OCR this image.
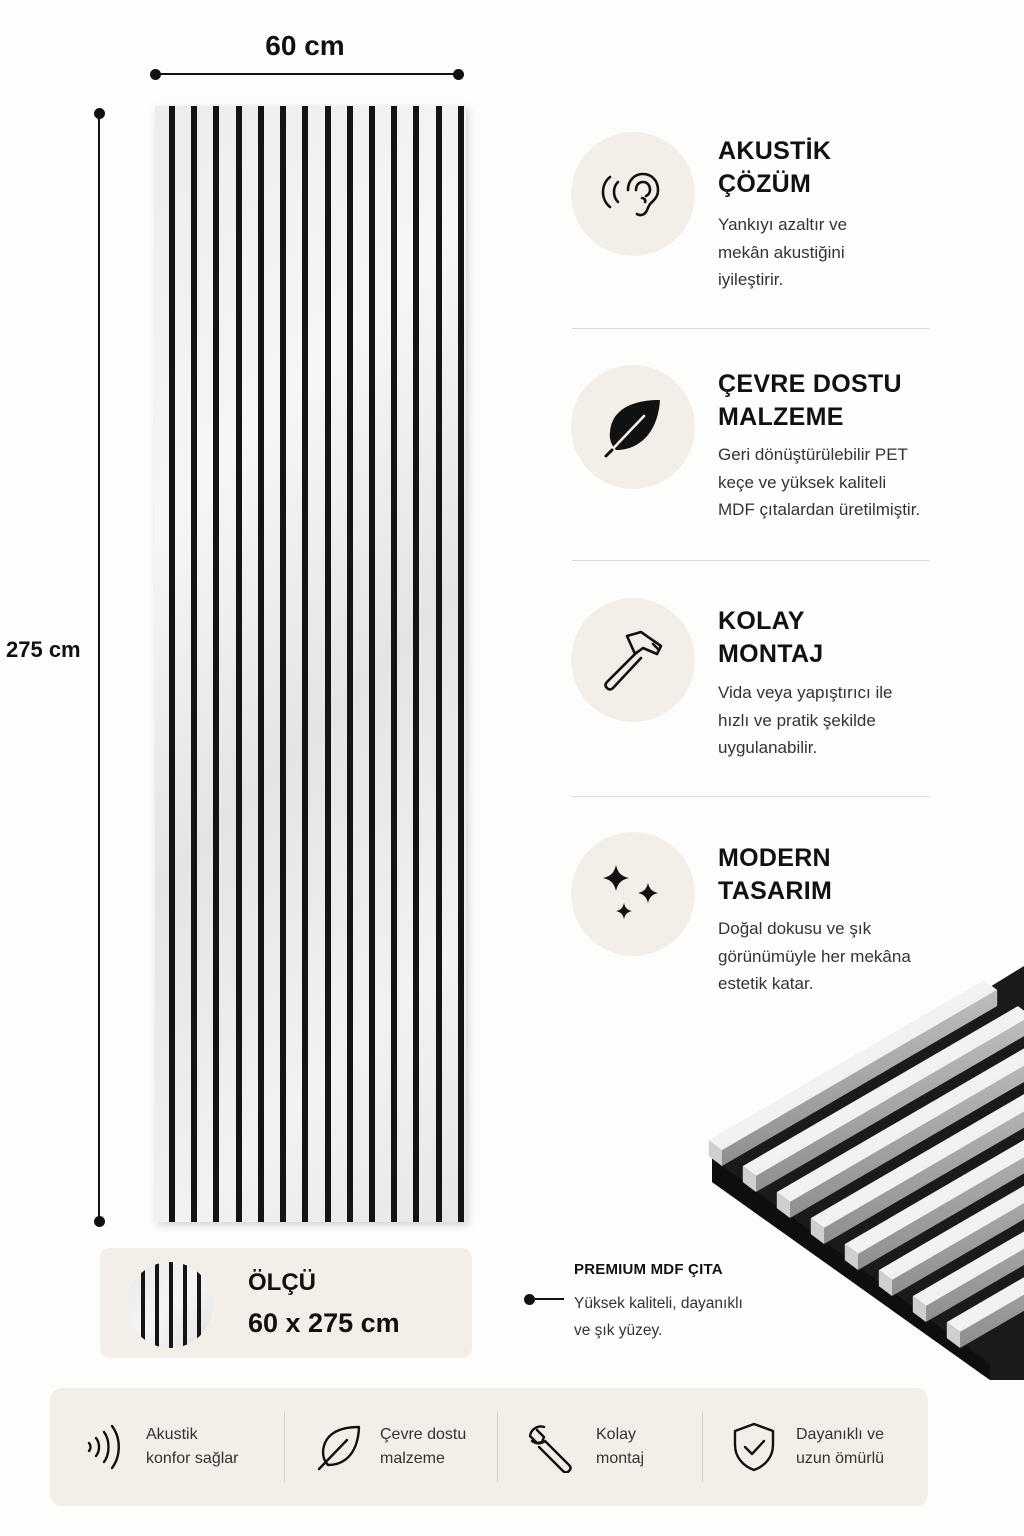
60 cm
275 cm
AKUSTİK
ÇÖZÜM
Yankıyı azaltır ve
mekân akustiğini
iyileştirir.
ÇEVRE DOSTU
MALZEME
Geri dönüştürülebilir PET
keçe ve yüksek kaliteli
MDF çıtalardan üretilmiştir.
KOLAY
MONTAJ
Vida veya yapıştırıcı ile
hızlı ve pratik şekilde
uygulanabilir.
MODERN
TASARIM
Doğal dokusu ve şık
görünümüyle her mekâna
estetik katar.
ÖLÇÜ
60 x 275 cm
PREMIUM MDF ÇITA
Yüksek kaliteli, dayanıklı
ve şık yüzey.
Akustik
konfor sağlar
Çevre dostu
malzeme
Kolay
montaj
Dayanıklı ve
uzun ömürlü
